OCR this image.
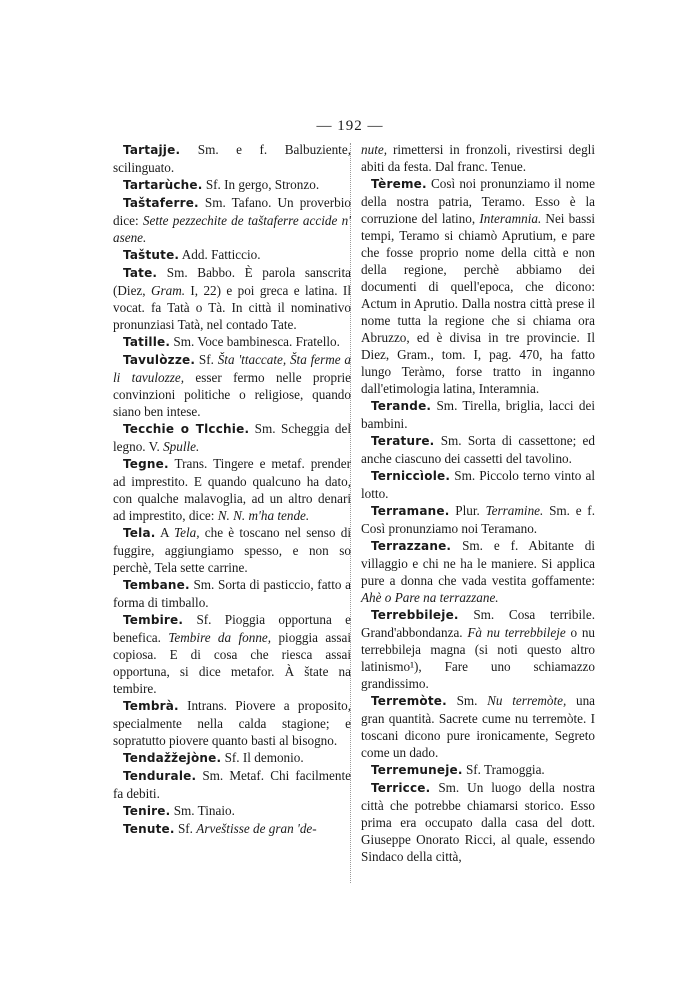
— 192 —

Tartajje. Sm. e f. Balbuziente, scilinguato.

Tartarùche. Sf. In gergo, Stronzo.

Taštaferre. Sm. Tafano. Un proverbio dice: Sette pezzechite de taštaferre accide n' asene.

Taštute. Add. Fatticcio.

Tate. Sm. Babbo. È parola sanscrita (Diez, Gram. I, 22) e poi greca e latina. Il vocat. fa Tatà o Tà. In città il nominativo pronunziasi Tatà, nel contado Tate.

Tatille. Sm. Voce bambinesca. Fratello.

Tavulòzze. Sf. Šta 'ttaccate, Šta ferme a li tavulozze, esser fermo nelle proprie convinzioni politiche o religiose, quando siano ben intese.

Tecchie o Tlcchie. Sm. Scheggia del legno. V. Spulle.

Tegne. Trans. Tingere e metaf. prender ad imprestito. E quando qualcuno ha dato, con qualche malavoglia, ad un altro denari ad imprestito, dice: N. N. m'ha tende.

Tela. A Tela, che è toscano nel senso di fuggire, aggiungiamo spesso, e non so perchè, Tela sette carrine.

Tembane. Sm. Sorta di pasticcio, fatto a forma di timballo.

Tembire. Sf. Pioggia opportuna e benefica. Tembire da fonne, pioggia assai copiosa. E di cosa che riesca assai opportuna, si dice metafor. À štate na tembire.

Tembrà. Intrans. Piovere a proposito, specialmente nella calda stagione; e sopratutto piovere quanto basti al bisogno.

Tendažžejòne. Sf. Il demonio.

Tendurale. Sm. Metaf. Chi facilmente fa debiti.

Tenire. Sm. Tinaio.

Tenute. Sf. Arveštisse de gran 'de-

nute, rimettersi in fronzoli, rivestirsi degli abiti da festa. Dal franc. Tenue.

Tèreme. Così noi pronunziamo il nome della nostra patria, Teramo. Esso è la corruzione del latino, Interamnia. Nei bassi tempi, Teramo si chiamò Aprutium, e pare che fosse proprio nome della città e non della regione, perchè abbiamo dei documenti di quell'epoca, che dicono: Actum in Aprutio. Dalla nostra città prese il nome tutta la regione che si chiama ora Abruzzo, ed è divisa in tre provincie. Il Diez, Gram., tom. I, pag. 470, ha fatto lungo Teràmo, forse tratto in inganno dall'etimologia latina, Interamnia.

Terande. Sm. Tirella, briglia, lacci dei bambini.

Terature. Sm. Sorta di cassettone; ed anche ciascuno dei cassetti del tavolino.

Terniccìole. Sm. Piccolo terno vinto al lotto.

Terramane. Plur. Terramine. Sm. e f. Così pronunziamo noi Teramano.

Terrazzane. Sm. e f. Abitante di villaggio e chi ne ha le maniere. Si applica pure a donna che vada vestita goffamente: Ahè o Pare na terrazzane.

Terrebbileje. Sm. Cosa terribile. Grand'abbondanza. Fà nu terrebbileje o nu terrebbileja magna (si noti questo altro latinismo¹), Fare uno schiamazzo grandissimo.

Terremòte. Sm. Nu terremòte, una gran quantità. Sacrete cume nu terremòte. I toscani dicono pure ironicamente, Segreto come un dado.

Terremuneje. Sf. Tramoggia.

Terricce. Sm. Un luogo della nostra città che potrebbe chiamarsi storico. Esso prima era occupato dalla casa del dott. Giuseppe Onorato Ricci, al quale, essendo Sindaco della città,
